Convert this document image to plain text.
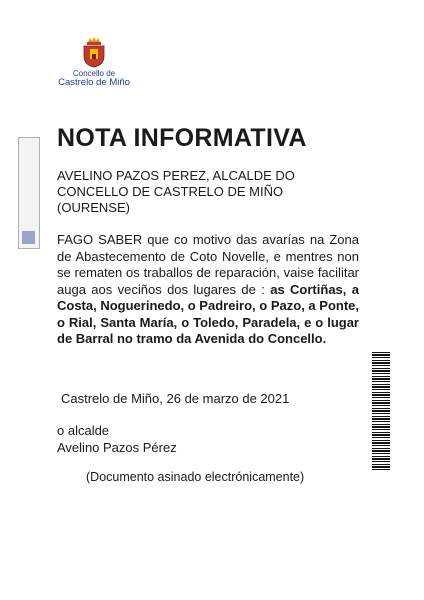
Concello de
Castrelo de Miño
NOTA INFORMATIVA
AVELINO PAZOS PEREZ, ALCALDE DO CONCELLO DE CASTRELO DE MIÑO (OURENSE)
FAGO SABER que co motivo das avarías na Zona de Abastecemento de Coto Novelle, e mentres non se rematen os traballos de reparación, vaise facilitar auga aos veciños dos lugares de : as Cortiñas, a Costa, Noguerinedo, o Padreiro, o Pazo, a Ponte, o Rial, Santa María, o Toledo, Paradela, e o lugar de Barral no tramo da Avenida do Concello.
Castrelo de Miño, 26 de marzo de 2021
o alcalde
Avelino Pazos Pérez
(Documento asinado electrónicamente)
